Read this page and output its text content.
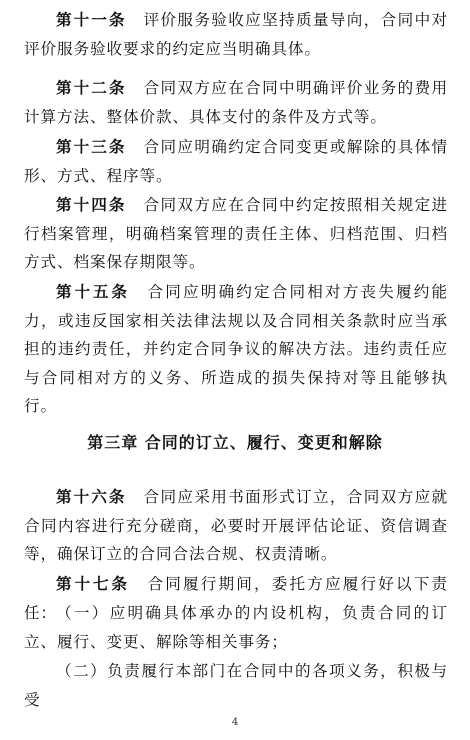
第十一条　 评价服务验收应坚持质量导向，合同中对评价服务验收要求的约定应当明确具体。

第十二条　 合同双方应在合同中明确评价业务的费用计算方法、整体价款、具体支付的条件及方式等。

第十三条　 合同应明确约定合同变更或解除的具体情形、方式、程序等。

第十四条　 合同双方应在合同中约定按照相关规定进行档案管理，明确档案管理的责任主体、归档范围、归档方式、档案保存期限等。

第十五条　 合同应明确约定合同相对方丧失履约能力，或违反国家相关法律法规以及合同相关条款时应当承担的违约责任，并约定合同争议的解决方法。违约责任应与合同相对方的义务、所造成的损失保持对等且能够执行。

第三章 合同的订立、履行、变更和解除

第十六条　 合同应采用书面形式订立，合同双方应就合同内容进行充分磋商，必要时开展评估论证、资信调查等，确保订立的合同合法合规、权责清晰。

第十七条　 合同履行期间，委托方应履行好以下责任： （一）应明确具体承办的内设机构，负责合同的订立、履行、变更、解除等相关事务；

（二）负责履行本部门在合同中的各项义务，积极与受

4
